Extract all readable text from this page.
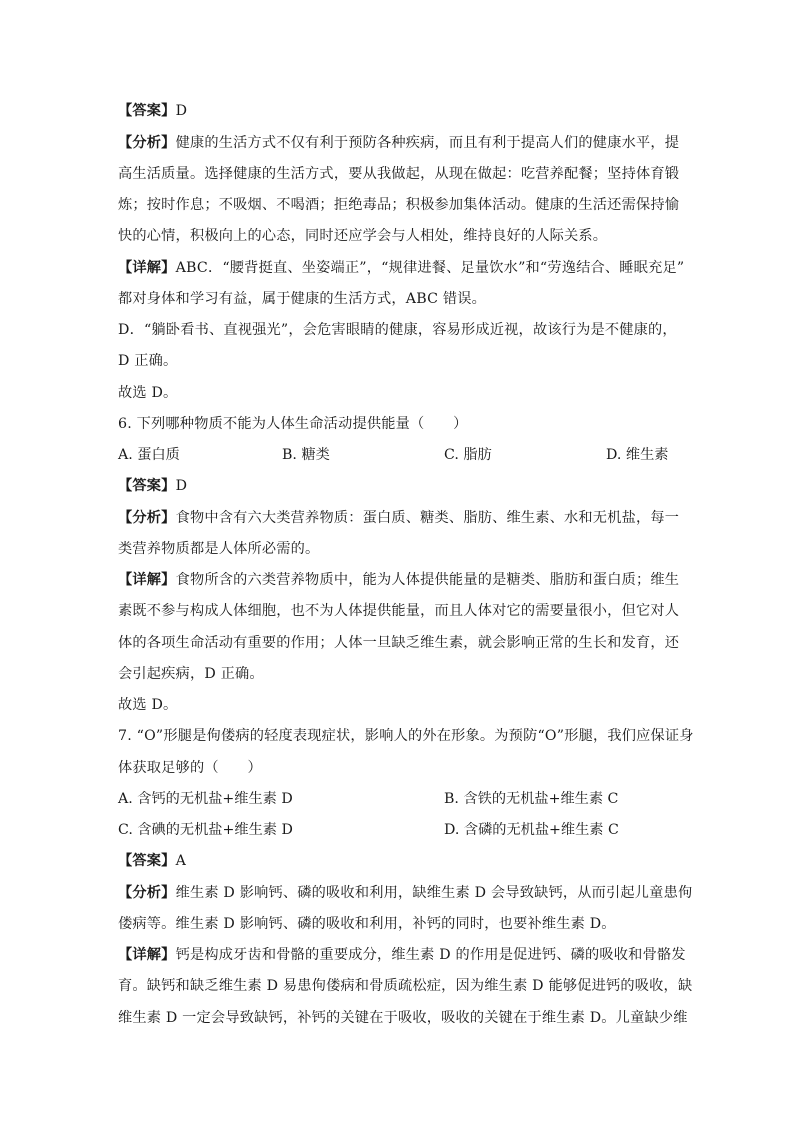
【答案】D
【分析】健康的生活方式不仅有利于预防各种疾病，而且有利于提高人们的健康水平，提
高生活质量。选择健康的生活方式，要从我做起，从现在做起：吃营养配餐；坚持体育锻
炼；按时作息；不吸烟、不喝酒；拒绝毒品；积极参加集体活动。健康的生活还需保持愉
快的心情，积极向上的心态，同时还应学会与人相处，维持良好的人际关系。
【详解】ABC．“腰背挺直、坐姿端正”，“规律进餐、足量饮水”和“劳逸结合、睡眠充足”
都对身体和学习有益，属于健康的生活方式，ABC 错误。
D．“躺卧看书、直视强光”，会危害眼睛的健康，容易形成近视，故该行为是不健康的，
D 正确。
故选 D。
6. 下列哪种物质不能为人体生命活动提供能量（　　）
A. 蛋白质	B. 糖类	C. 脂肪	D. 维生素
【答案】D
【分析】食物中含有六大类营养物质：蛋白质、糖类、脂肪、维生素、水和无机盐，每一
类营养物质都是人体所必需的。
【详解】食物所含的六类营养物质中，能为人体提供能量的是糖类、脂肪和蛋白质；维生
素既不参与构成人体细胞，也不为人体提供能量，而且人体对它的需要量很小，但它对人
体的各项生命活动有重要的作用；人体一旦缺乏维生素，就会影响正常的生长和发育，还
会引起疾病，D 正确。
故选 D。
7. “O”形腿是佝偻病的轻度表现症状，影响人的外在形象。为预防“O”形腿，我们应保证身
体获取足够的（　　）
A. 含钙的无机盐+维生素 D	B. 含铁的无机盐+维生素 C
C. 含碘的无机盐+维生素 D	D. 含磷的无机盐+维生素 C
【答案】A
【分析】维生素 D 影响钙、磷的吸收和利用，缺维生素 D 会导致缺钙，从而引起儿童患佝
偻病等。维生素 D 影响钙、磷的吸收和利用，补钙的同时，也要补维生素 D。
【详解】钙是构成牙齿和骨骼的重要成分，维生素 D 的作用是促进钙、磷的吸收和骨骼发
育。缺钙和缺乏维生素 D 易患佝偻病和骨质疏松症，因为维生素 D 能够促进钙的吸收，缺
维生素 D 一定会导致缺钙，补钙的关键在于吸收，吸收的关键在于维生素 D。儿童缺少维
